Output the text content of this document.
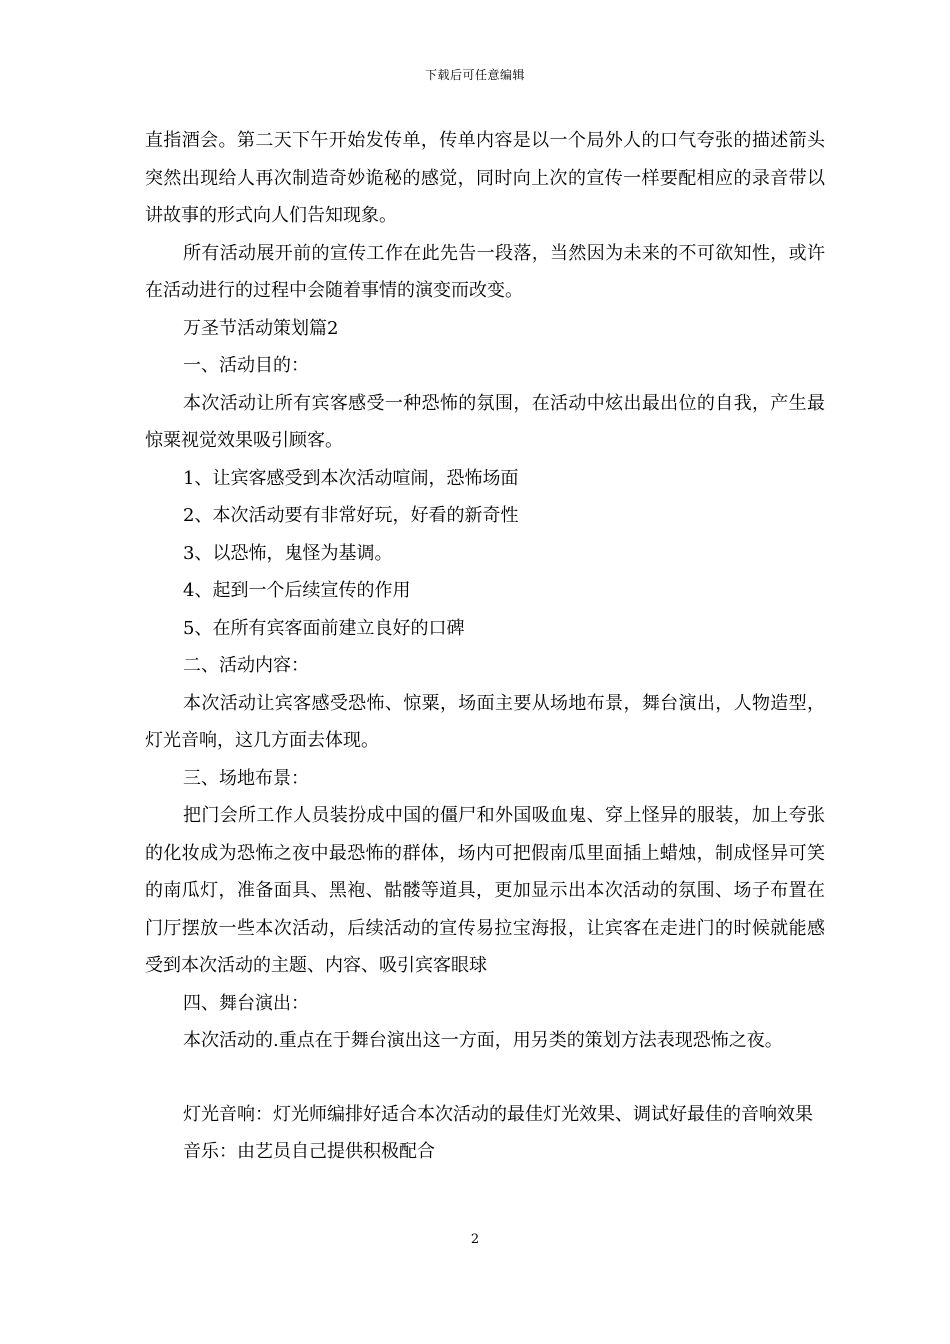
下载后可任意编辑

直指酒会。第二天下午开始发传单，传单内容是以一个局外人的口气夸张的描述箭头突然出现给人再次制造奇妙诡秘的感觉，同时向上次的宣传一样要配相应的录音带以讲故事的形式向人们告知现象。

所有活动展开前的宣传工作在此先告一段落，当然因为未来的不可欲知性，或许在活动进行的过程中会随着事情的演变而改变。

万圣节活动策划篇2

一、活动目的：

本次活动让所有宾客感受一种恐怖的氛围，在活动中炫出最出位的自我，产生最惊粟视觉效果吸引顾客。

1、让宾客感受到本次活动喧闹，恐怖场面

2、本次活动要有非常好玩，好看的新奇性

3、以恐怖，鬼怪为基调。

4、起到一个后续宣传的作用

5、在所有宾客面前建立良好的口碑

二、活动内容：

本次活动让宾客感受恐怖、惊粟，场面主要从场地布景，舞台演出，人物造型，灯光音响，这几方面去体现。

三、场地布景：

把门会所工作人员装扮成中国的僵尸和外国吸血鬼、穿上怪异的服装，加上夸张的化妆成为恐怖之夜中最恐怖的群体，场内可把假南瓜里面插上蜡烛，制成怪异可笑的南瓜灯，准备面具、黑袍、骷髅等道具，更加显示出本次活动的氛围、场子布置在门厅摆放一些本次活动，后续活动的宣传易拉宝海报，让宾客在走进门的时候就能感受到本次活动的主题、内容、吸引宾客眼球

四、舞台演出：

本次活动的.重点在于舞台演出这一方面，用另类的策划方法表现恐怖之夜。

灯光音响：灯光师编排好适合本次活动的最佳灯光效果、调试好最佳的音响效果

音乐：由艺员自己提供积极配合

2
